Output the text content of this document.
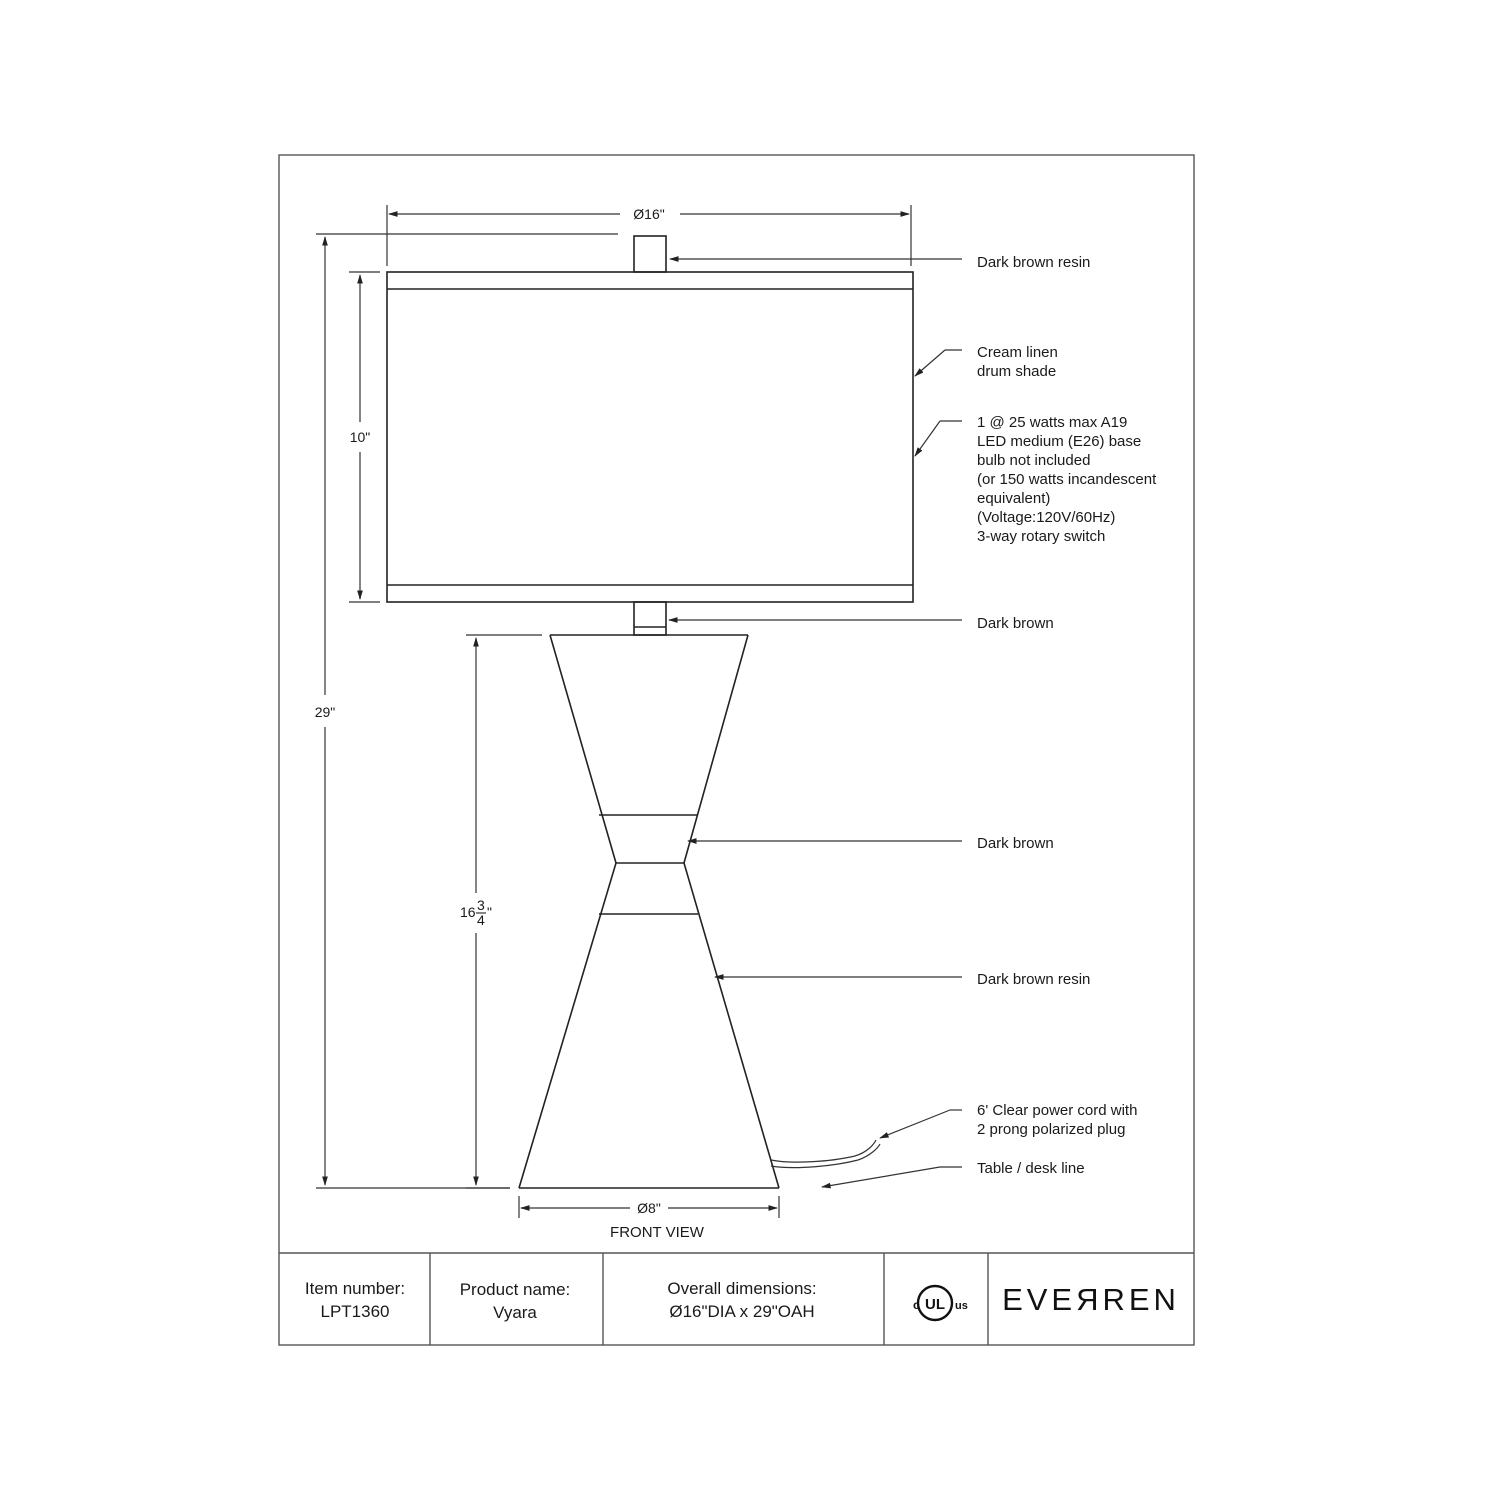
Ø16"
29"
10"
16 3
4 "
Ø8"
FRONT VIEW
Dark brown resin
Cream linen
drum shade
1 @ 25 watts max A19
LED medium (E26) base
bulb not included
(or 150 watts incandescent
equivalent)
(Voltage:120V/60Hz)
3-way rotary switch
Dark brown
Dark brown
Dark brown resin
6' Clear power cord with
2 prong polarized plug
Table / desk line
Item number:
LPT1360
Product name:
Vyara
Overall dimensions:
Ø16"DIA x 29"OAH	c UL us EVEЯREN
